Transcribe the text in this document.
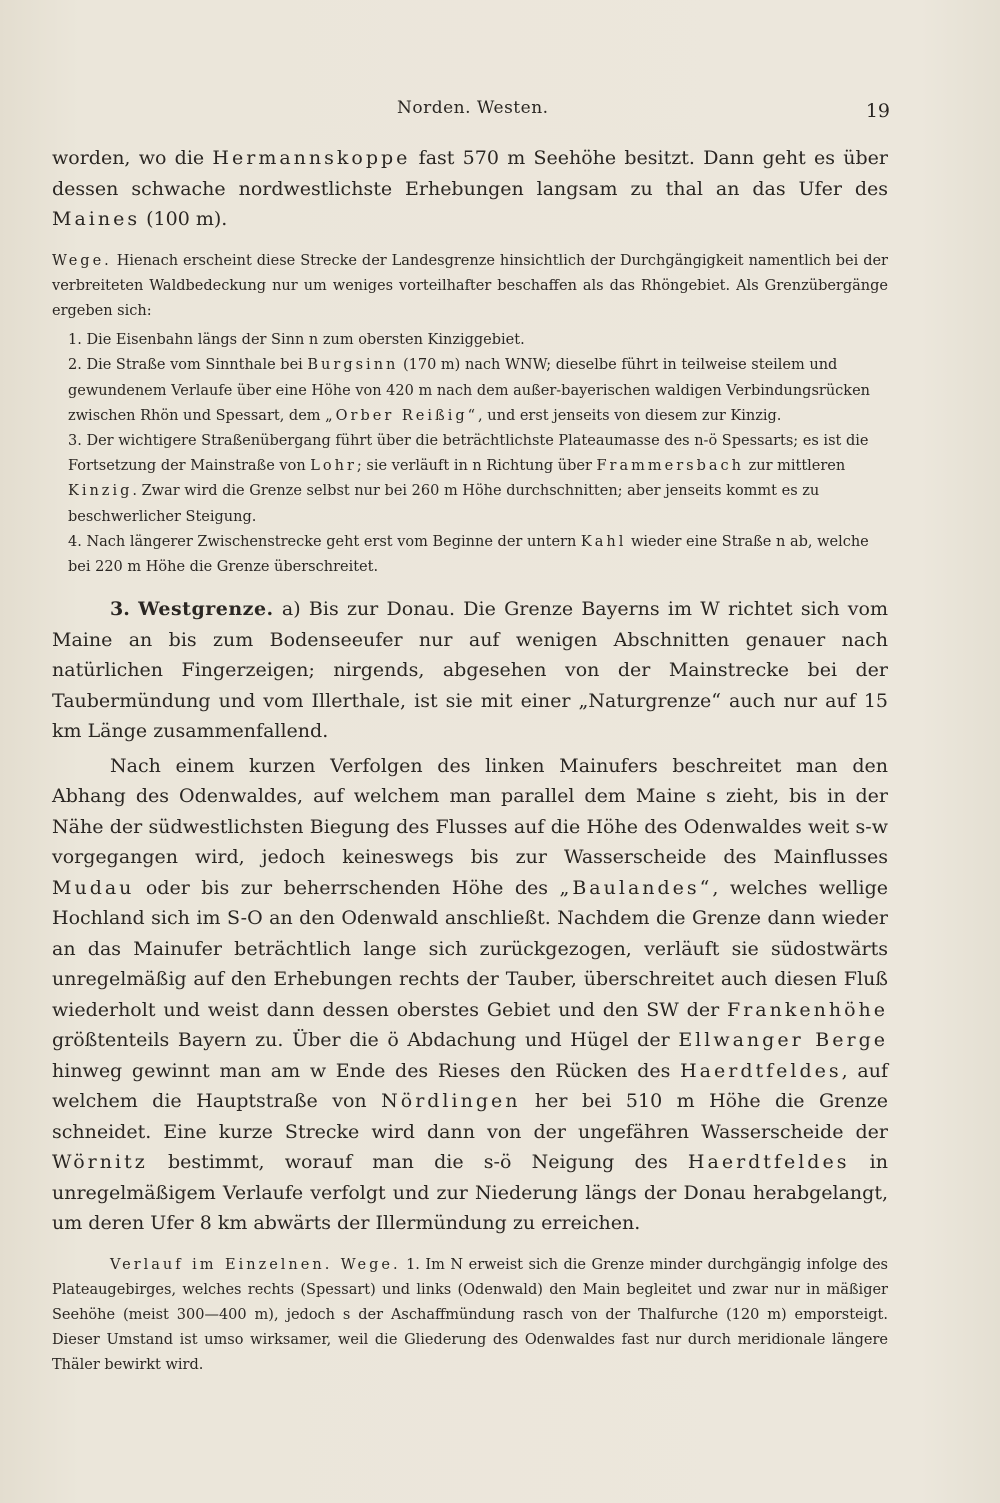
Norden. Westen.	19

worden, wo die Hermannskoppe fast 570 m Seehöhe besitzt. Dann geht es über dessen schwache nordwestlichste Erhebungen langsam zu thal an das Ufer des Maines (100 m).

Wege. Hienach erscheint diese Strecke der Landesgrenze hinsichtlich der Durchgängigkeit namentlich bei der verbreiteten Waldbedeckung nur um weniges vorteilhafter beschaffen als das Rhöngebiet. Als Grenzübergänge ergeben sich:

1. Die Eisenbahn längs der Sinn n zum obersten Kinziggebiet.
2. Die Straße vom Sinnthale bei Burgsinn (170 m) nach WNW; dieselbe führt in teilweise steilem und gewundenem Verlaufe über eine Höhe von 420 m nach dem außer-bayerischen waldigen Verbindungsrücken zwischen Rhön und Spessart, dem „Orber Reißig“, und erst jenseits von diesem zur Kinzig.
3. Der wichtigere Straßenübergang führt über die beträchtlichste Plateaumasse des n-ö Spessarts; es ist die Fortsetzung der Mainstraße von Lohr; sie verläuft in n Richtung über Frammersbach zur mittleren Kinzig. Zwar wird die Grenze selbst nur bei 260 m Höhe durchschnitten; aber jenseits kommt es zu beschwerlicher Steigung.
4. Nach längerer Zwischenstrecke geht erst vom Beginne der untern Kahl wieder eine Straße n ab, welche bei 220 m Höhe die Grenze überschreitet.

3. Westgrenze. a) Bis zur Donau. Die Grenze Bayerns im W richtet sich vom Maine an bis zum Bodenseeufer nur auf wenigen Abschnitten genauer nach natürlichen Fingerzeigen; nirgends, abgesehen von der Mainstrecke bei der Taubermündung und vom Illerthale, ist sie mit einer „Naturgrenze“ auch nur auf 15 km Länge zusammenfallend.

Nach einem kurzen Verfolgen des linken Mainufers beschreitet man den Abhang des Odenwaldes, auf welchem man parallel dem Maine s zieht, bis in der Nähe der südwestlichsten Biegung des Flusses auf die Höhe des Odenwaldes weit s-w vorgegangen wird, jedoch keineswegs bis zur Wasserscheide des Mainflusses Mudau oder bis zur beherrschenden Höhe des „Baulandes“, welches wellige Hochland sich im S-O an den Odenwald anschließt. Nachdem die Grenze dann wieder an das Mainufer beträchtlich lange sich zurückgezogen, verläuft sie südostwärts unregelmäßig auf den Erhebungen rechts der Tauber, überschreitet auch diesen Fluß wiederholt und weist dann dessen oberstes Gebiet und den SW der Frankenhöhe größtenteils Bayern zu. Über die ö Abdachung und Hügel der Ellwanger Berge hinweg gewinnt man am w Ende des Rieses den Rücken des Haerdtfeldes, auf welchem die Hauptstraße von Nördlingen her bei 510 m Höhe die Grenze schneidet. Eine kurze Strecke wird dann von der ungefähren Wasserscheide der Wörnitz bestimmt, worauf man die s-ö Neigung des Haerdtfeldes in unregelmäßigem Verlaufe verfolgt und zur Niederung längs der Donau herabgelangt, um deren Ufer 8 km abwärts der Illermündung zu erreichen.

Verlauf im Einzelnen. Wege. 1. Im N erweist sich die Grenze minder durchgängig infolge des Plateaugebirges, welches rechts (Spessart) und links (Odenwald) den Main begleitet und zwar nur in mäßiger Seehöhe (meist 300—400 m), jedoch s der Aschaffmündung rasch von der Thalfurche (120 m) emporsteigt. Dieser Umstand ist umso wirksamer, weil die Gliederung des Odenwaldes fast nur durch meridionale längere Thäler bewirkt wird.
